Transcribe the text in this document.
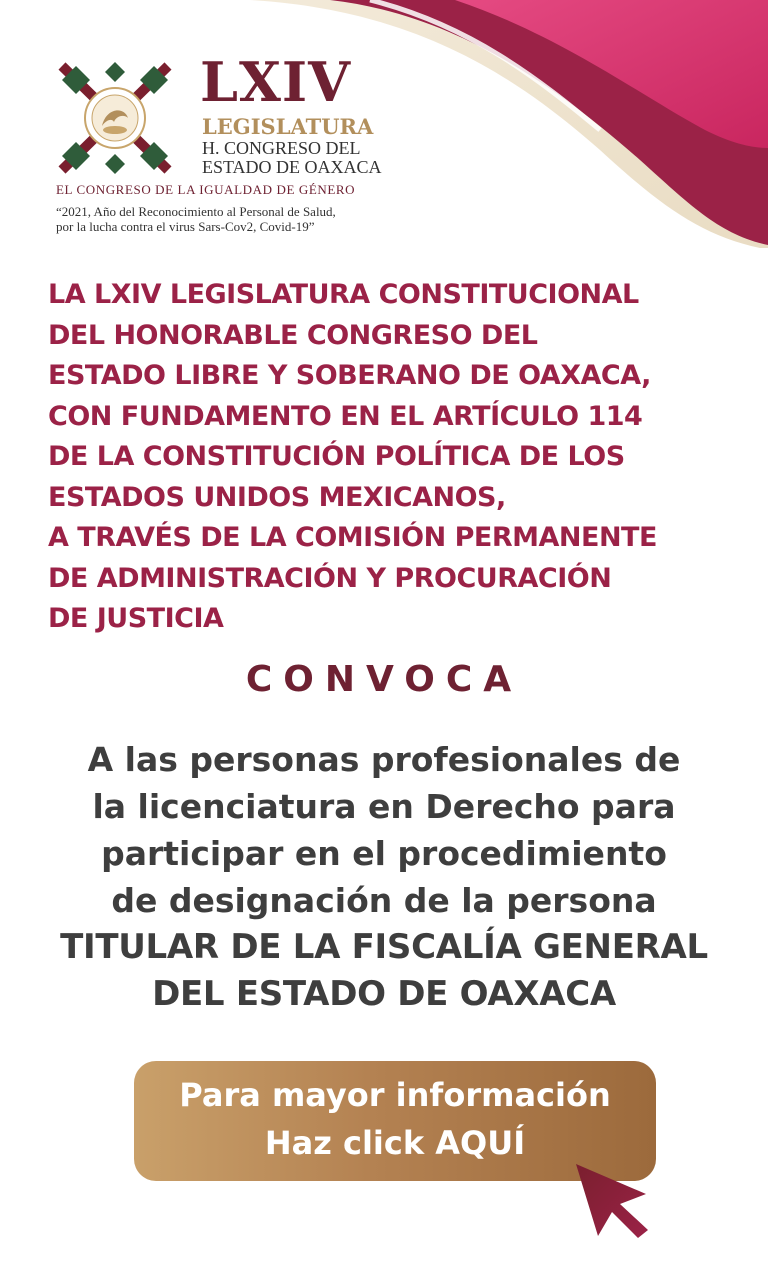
LXIV
LEGISLATURA
H. CONGRESO DEL
ESTADO DE OAXACA
EL CONGRESO DE LA IGUALDAD DE GÉNERO
“2021, Año del Reconocimiento al Personal de Salud,
por la lucha contra el virus Sars-Cov2, Covid-19”
LA LXIV LEGISLATURA CONSTITUCIONAL
DEL HONORABLE CONGRESO DEL
ESTADO LIBRE Y SOBERANO DE OAXACA,
CON FUNDAMENTO EN EL ARTÍCULO 114
DE LA CONSTITUCIÓN POLÍTICA DE LOS
ESTADOS UNIDOS MEXICANOS,
A TRAVÉS DE LA COMISIÓN PERMANENTE
DE ADMINISTRACIÓN Y PROCURACIÓN
DE JUSTICIA
CONVOCA
A las personas profesionales de
la licenciatura en Derecho para
participar en el procedimiento
de designación de la persona
TITULAR DE LA FISCALÍA GENERAL
DEL ESTADO DE OAXACA
Para mayor información
Haz click AQUÍ
